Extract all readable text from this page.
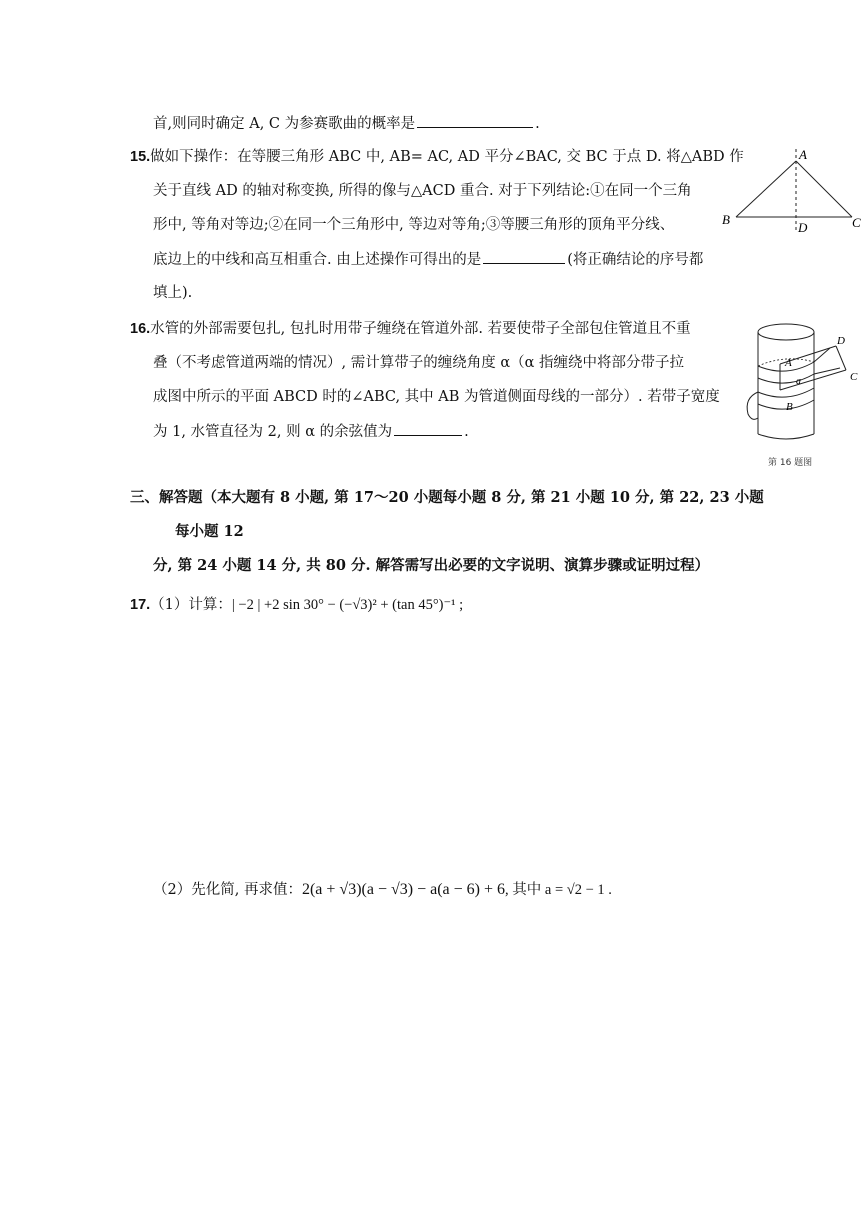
首,则同时确定 A, C 为参赛歌曲的概率是	.
15.做如下操作：在等腰三角形 ABC 中, AB= AC, AD 平分∠BAC, 交 BC 于点 D. 将△ABD 作
关于直线 AD 的轴对称变换, 所得的像与△ACD 重合. 对于下列结论:①在同一个三角
形中, 等角对等边;②在同一个三角形中, 等边对等角;③等腰三角形的顶角平分线、
底边上的中线和高互相重合. 由上述操作可得出的是	(将正确结论的序号都
填上).
A
B	C
D
16.水管的外部需要包扎, 包扎时用带子缠绕在管道外部. 若要使带子全部包住管道且不重
叠（不考虑管道两端的情况）, 需计算带子的缠绕角度 α（α 指缠绕中将部分带子拉
成图中所示的平面 ABCD 时的∠ABC, 其中 AB 为管道侧面母线的一部分）. 若带子宽度
为 1, 水管直径为 2, 则 α 的余弦值为	.
A
a
B
C
D
第 16 题图
三、解答题（本大题有 8 小题, 第 17～20 小题每小题 8 分, 第 21 小题 10 分, 第 22, 23 小题
每小题 12
分, 第 24 小题 14 分, 共 80 分. 解答需写出必要的文字说明、演算步骤或证明过程）
17.（1）计算：| −2 | +2 sin 30° − (−√3)² + (tan 45°)⁻¹ ;
（2）先化简, 再求值：2(a + √3)(a − √3) − a(a − 6) + 6, 其中 a = √2 − 1 .
